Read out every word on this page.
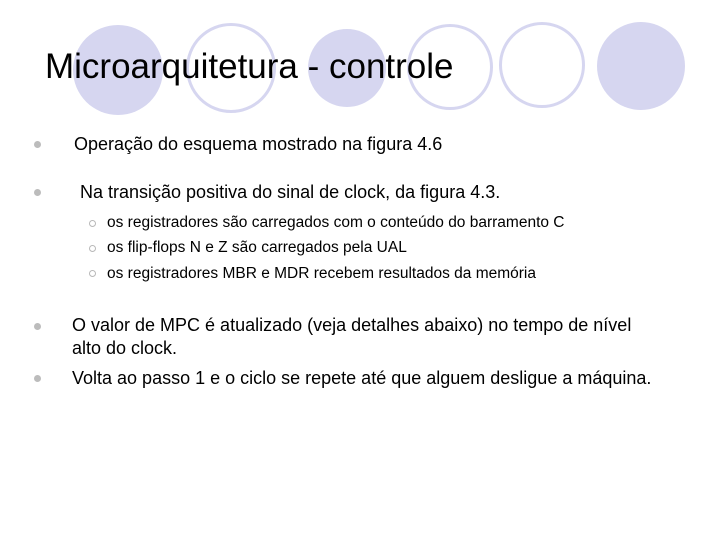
Microarquitetura - controle
Operação do esquema mostrado na figura 4.6
Na transição positiva do sinal de clock, da figura 4.3.
os registradores são carregados com o conteúdo do barramento C
os flip-flops N e Z são carregados pela UAL
os registradores MBR e MDR recebem resultados da memória
O valor de MPC é atualizado (veja detalhes abaixo) no tempo de nível alto do clock.
Volta ao passo 1 e o ciclo se repete até que alguem desligue a máquina.
